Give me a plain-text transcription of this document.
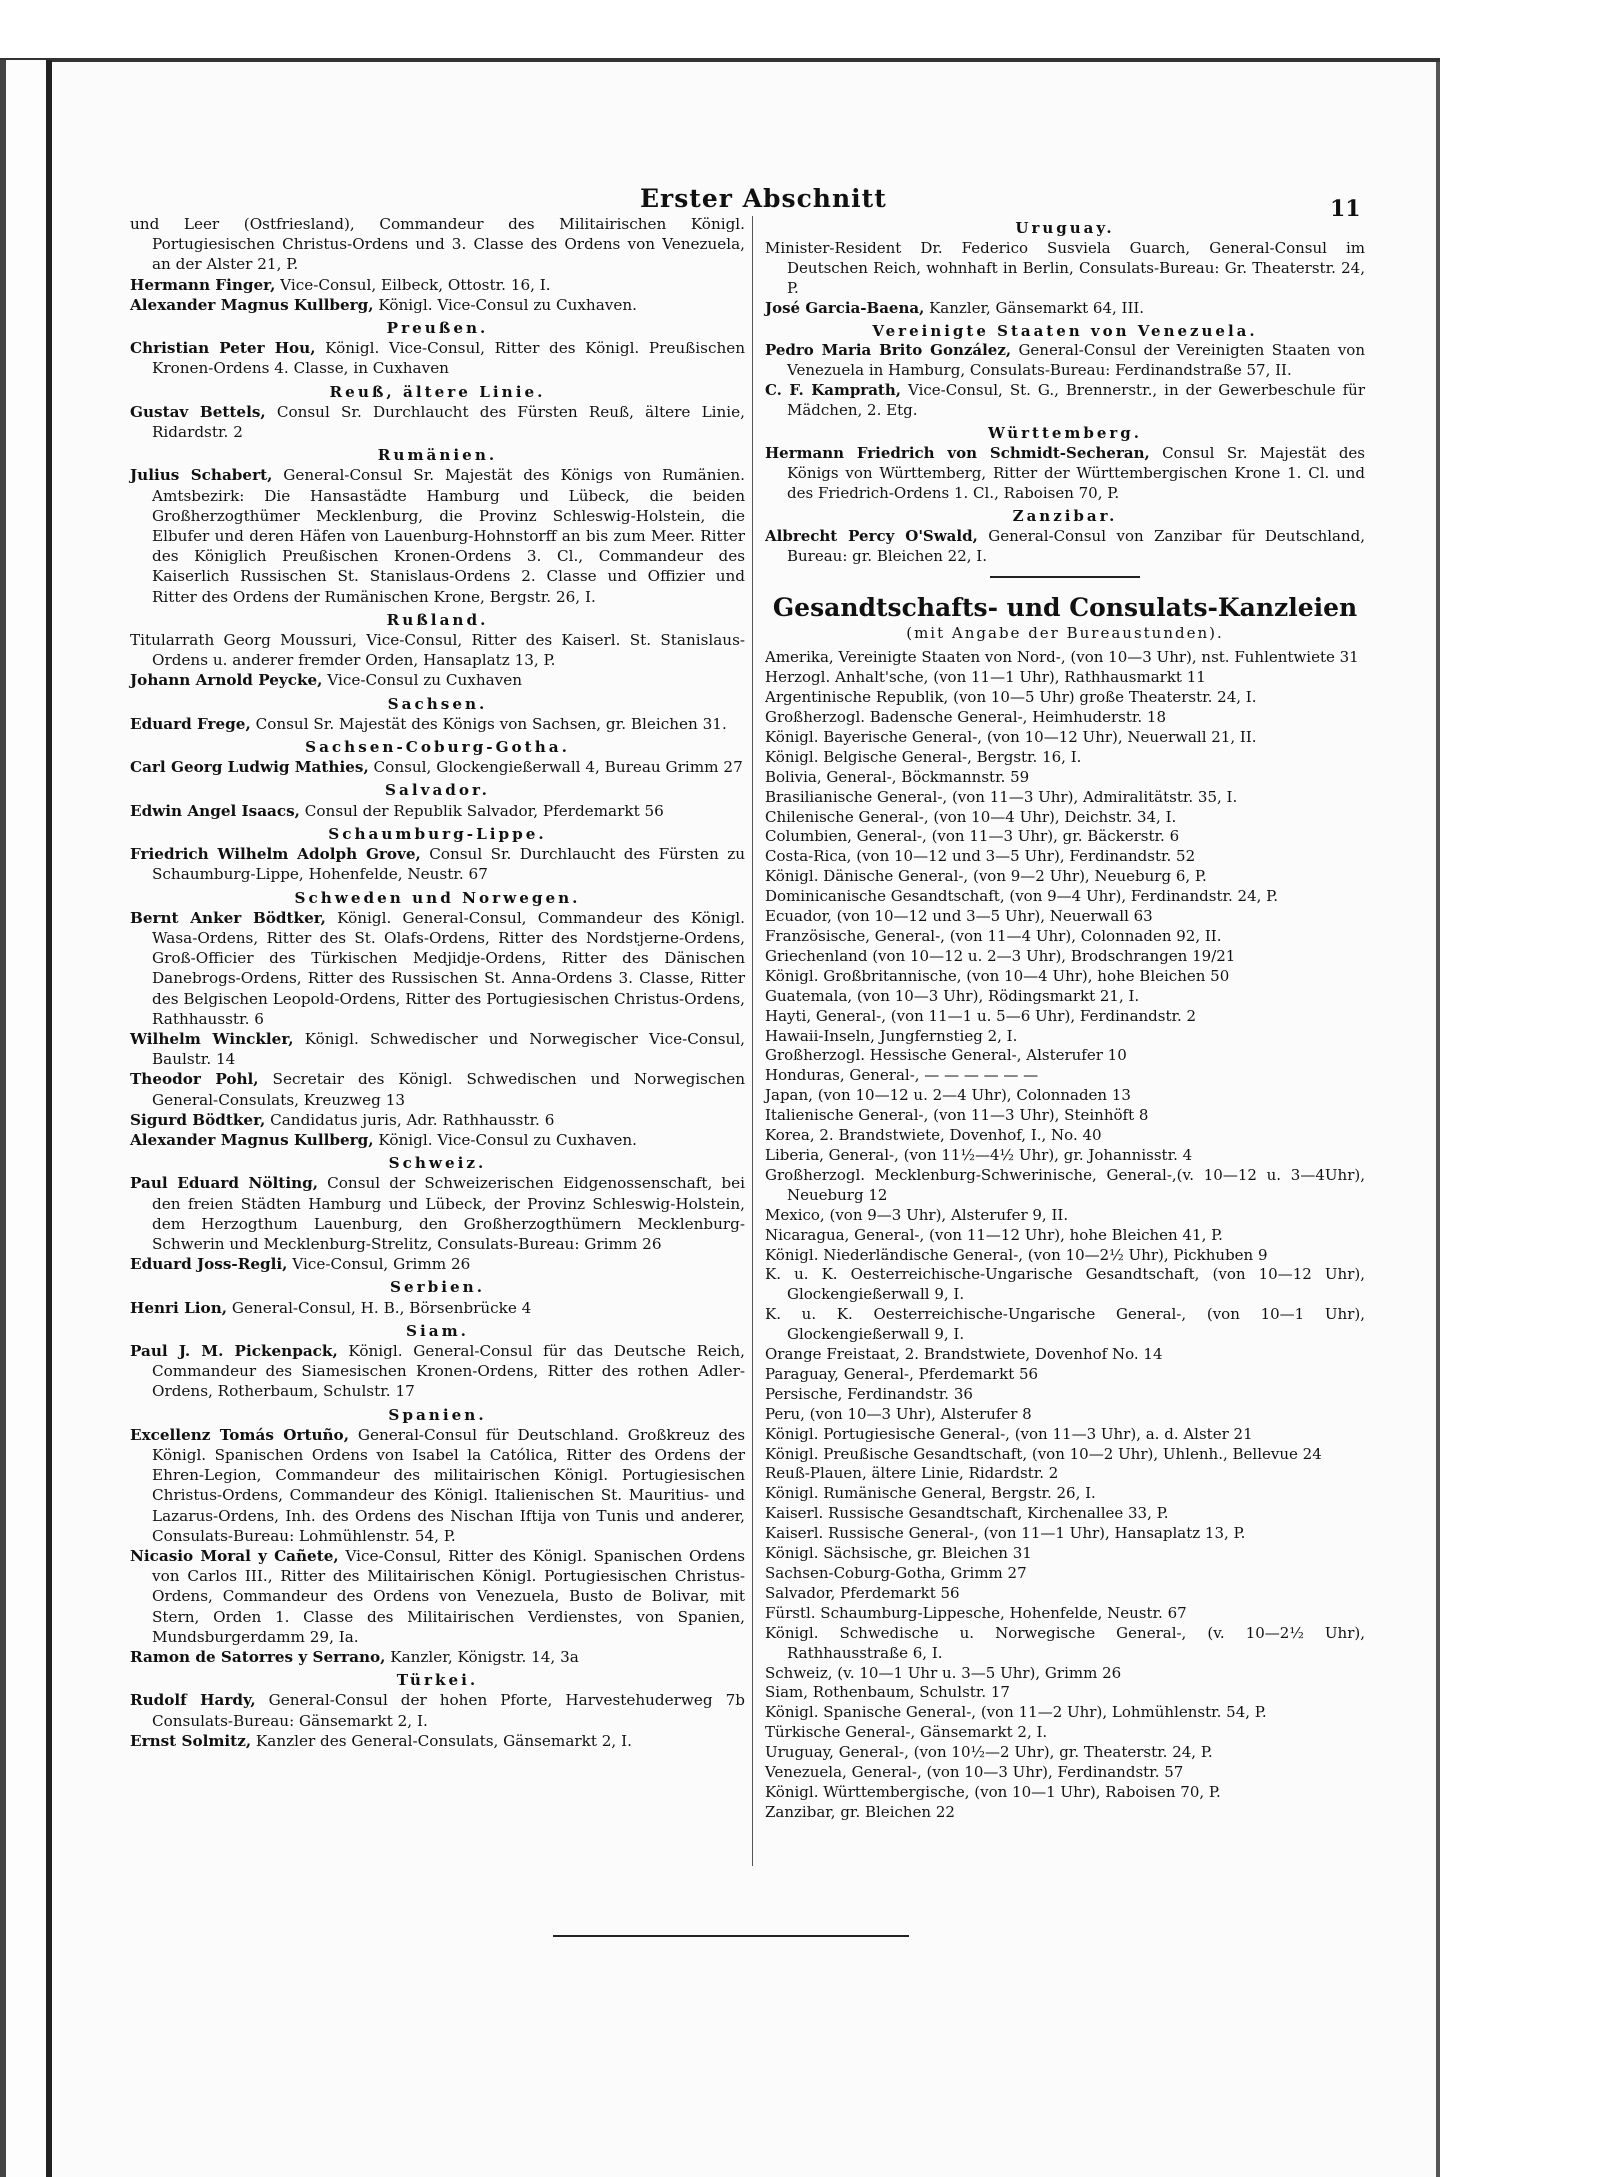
Erster Abschnitt	11
und Leer (Ostfriesland), Commandeur des Militairischen Königl. Portugiesischen Christus-Ordens und 3. Classe des Ordens von Venezuela, an der Alster 21, P.
Hermann Finger, Vice-Consul, Eilbeck, Ottostr. 16, I.
Alexander Magnus Kullberg, Königl. Vice-Consul zu Cuxhaven.
Preußen.
Christian Peter Hou, Königl. Vice-Consul, Ritter des Königl. Preußischen Kronen-Ordens 4. Classe, in Cuxhaven
Reuß, ältere Linie.
Gustav Bettels, Consul Sr. Durchlaucht des Fürsten Reuß, ältere Linie, Ridardstr. 2
Rumänien.
Julius Schabert, General-Consul Sr. Majestät des Königs von Rumänien. Amtsbezirk: Die Hansastädte Hamburg und Lübeck, die beiden Großherzogthümer Mecklenburg, die Provinz Schleswig-Holstein, die Elbufer und deren Häfen von Lauenburg-Hohnstorff an bis zum Meer. Ritter des Königlich Preußischen Kronen-Ordens 3. Cl., Commandeur des Kaiserlich Russischen St. Stanislaus-Ordens 2. Classe und Offizier und Ritter des Ordens der Rumänischen Krone, Bergstr. 26, I.
Rußland.
Titularrath Georg Moussuri, Vice-Consul, Ritter des Kaiserl. St. Stanislaus-Ordens u. anderer fremder Orden, Hansaplatz 13, P.
Johann Arnold Peycke, Vice-Consul zu Cuxhaven
Sachsen.
Eduard Frege, Consul Sr. Majestät des Königs von Sachsen, gr. Bleichen 31.
Sachsen-Coburg-Gotha.
Carl Georg Ludwig Mathies, Consul, Glockengießerwall 4, Bureau Grimm 27
Salvador.
Edwin Angel Isaacs, Consul der Republik Salvador, Pferdemarkt 56
Schaumburg-Lippe.
Friedrich Wilhelm Adolph Grove, Consul Sr. Durchlaucht des Fürsten zu Schaumburg-Lippe, Hohenfelde, Neustr. 67
Schweden und Norwegen.
Bernt Anker Bödtker, Königl. General-Consul, Commandeur des Königl. Wasa-Ordens, Ritter des St. Olafs-Ordens, Ritter des Nordstjerne-Ordens, Groß-Officier des Türkischen Medjidje-Ordens, Ritter des Dänischen Danebrogs-Ordens, Ritter des Russischen St. Anna-Ordens 3. Classe, Ritter des Belgischen Leopold-Ordens, Ritter des Portugiesischen Christus-Ordens, Rathhausstr. 6
Wilhelm Winckler, Königl. Schwedischer und Norwegischer Vice-Consul, Baulstr. 14
Theodor Pohl, Secretair des Königl. Schwedischen und Norwegischen General-Consulats, Kreuzweg 13
Sigurd Bödtker, Candidatus juris, Adr. Rathhausstr. 6
Alexander Magnus Kullberg, Königl. Vice-Consul zu Cuxhaven.
Schweiz.
Paul Eduard Nölting, Consul der Schweizerischen Eidgenossenschaft, bei den freien Städten Hamburg und Lübeck, der Provinz Schleswig-Holstein, dem Herzogthum Lauenburg, den Großherzogthümern Mecklenburg-Schwerin und Mecklenburg-Strelitz, Consulats-Bureau: Grimm 26
Eduard Joss-Regli, Vice-Consul, Grimm 26
Serbien.
Henri Lion, General-Consul, H. B., Börsenbrücke 4
Siam.
Paul J. M. Pickenpack, Königl. General-Consul für das Deutsche Reich, Commandeur des Siamesischen Kronen-Ordens, Ritter des rothen Adler-Ordens, Rotherbaum, Schulstr. 17
Spanien.
Excellenz Tomás Ortuño, General-Consul für Deutschland. Großkreuz des Königl. Spanischen Ordens von Isabel la Católica, Ritter des Ordens der Ehren-Legion, Commandeur des militairischen Königl. Portugiesischen Christus-Ordens, Commandeur des Königl. Italienischen St. Mauritius- und Lazarus-Ordens, Inh. des Ordens des Nischan Iftija von Tunis und anderer, Consulats-Bureau: Lohmühlenstr. 54, P.
Nicasio Moral y Cañete, Vice-Consul, Ritter des Königl. Spanischen Ordens von Carlos III., Ritter des Militairischen Königl. Portugiesischen Christus-Ordens, Commandeur des Ordens von Venezuela, Busto de Bolivar, mit Stern, Orden 1. Classe des Militairischen Verdienstes, von Spanien, Mundsburgerdamm 29, Ia.
Ramon de Satorres y Serrano, Kanzler, Königstr. 14, 3a
Türkei.
Rudolf Hardy, General-Consul der hohen Pforte, Harvestehuderweg 7b Consulats-Bureau: Gänsemarkt 2, I.
Ernst Solmitz, Kanzler des General-Consulats, Gänsemarkt 2, I.
Uruguay.
Minister-Resident Dr. Federico Susviela Guarch, General-Consul im Deutschen Reich, wohnhaft in Berlin, Consulats-Bureau: Gr. Theaterstr. 24, P.
José Garcia-Baena, Kanzler, Gänsemarkt 64, III.
Vereinigte Staaten von Venezuela.
Pedro Maria Brito González, General-Consul der Vereinigten Staaten von Venezuela in Hamburg, Consulats-Bureau: Ferdinandstraße 57, II.
C. F. Kamprath, Vice-Consul, St. G., Brennerstr., in der Gewerbeschule für Mädchen, 2. Etg.
Württemberg.
Hermann Friedrich von Schmidt-Secheran, Consul Sr. Majestät des Königs von Württemberg, Ritter der Württembergischen Krone 1. Cl. und des Friedrich-Ordens 1. Cl., Raboisen 70, P.
Zanzibar.
Albrecht Percy O'Swald, General-Consul von Zanzibar für Deutschland, Bureau: gr. Bleichen 22, I.
Gesandtschafts- und Consulats-Kanzleien
(mit Angabe der Bureaustunden).
Amerika, Vereinigte Staaten von Nord-, (von 10—3 Uhr), nst. Fuhlentwiete 31
Herzogl. Anhalt'sche, (von 11—1 Uhr), Rathhausmarkt 11
Argentinische Republik, (von 10—5 Uhr) große Theaterstr. 24, I.
Großherzogl. Badensche General-, Heimhuderstr. 18
Königl. Bayerische General-, (von 10—12 Uhr), Neuerwall 21, II.
Königl. Belgische General-, Bergstr. 16, I.
Bolivia, General-, Böckmannstr. 59
Brasilianische General-, (von 11—3 Uhr), Admiralitätstr. 35, I.
Chilenische General-, (von 10—4 Uhr), Deichstr. 34, I.
Columbien, General-, (von 11—3 Uhr), gr. Bäckerstr. 6
Costa-Rica, (von 10—12 und 3—5 Uhr), Ferdinandstr. 52
Königl. Dänische General-, (von 9—2 Uhr), Neueburg 6, P.
Dominicanische Gesandtschaft, (von 9—4 Uhr), Ferdinandstr. 24, P.
Ecuador, (von 10—12 und 3—5 Uhr), Neuerwall 63
Französische, General-, (von 11—4 Uhr), Colonnaden 92, II.
Griechenland (von 10—12 u. 2—3 Uhr), Brodschrangen 19/21
Königl. Großbritannische, (von 10—4 Uhr), hohe Bleichen 50
Guatemala, (von 10—3 Uhr), Rödingsmarkt 21, I.
Hayti, General-, (von 11—1 u. 5—6 Uhr), Ferdinandstr. 2
Hawaii-Inseln, Jungfernstieg 2, I.
Großherzogl. Hessische General-, Alsterufer 10
Honduras, General-, — — — — — —
Japan, (von 10—12 u. 2—4 Uhr), Colonnaden 13
Italienische General-, (von 11—3 Uhr), Steinhöft 8
Korea, 2. Brandstwiete, Dovenhof, I., No. 40
Liberia, General-, (von 11½—4½ Uhr), gr. Johannisstr. 4
Großherzogl. Mecklenburg-Schwerinische, General-,(v. 10—12 u. 3—4Uhr), Neueburg 12
Mexico, (von 9—3 Uhr), Alsterufer 9, II.
Nicaragua, General-, (von 11—12 Uhr), hohe Bleichen 41, P.
Königl. Niederländische General-, (von 10—2½ Uhr), Pickhuben 9
K. u. K. Oesterreichische-Ungarische Gesandtschaft, (von 10—12 Uhr), Glockengießerwall 9, I.
K. u. K. Oesterreichische-Ungarische General-, (von 10—1 Uhr), Glockengießerwall 9, I.
Orange Freistaat, 2. Brandstwiete, Dovenhof No. 14
Paraguay, General-, Pferdemarkt 56
Persische, Ferdinandstr. 36
Peru, (von 10—3 Uhr), Alsterufer 8
Königl. Portugiesische General-, (von 11—3 Uhr), a. d. Alster 21
Königl. Preußische Gesandtschaft, (von 10—2 Uhr), Uhlenh., Bellevue 24
Reuß-Plauen, ältere Linie, Ridardstr. 2
Königl. Rumänische General, Bergstr. 26, I.
Kaiserl. Russische Gesandtschaft, Kirchenallee 33, P.
Kaiserl. Russische General-, (von 11—1 Uhr), Hansaplatz 13, P.
Königl. Sächsische, gr. Bleichen 31
Sachsen-Coburg-Gotha, Grimm 27
Salvador, Pferdemarkt 56
Fürstl. Schaumburg-Lippesche, Hohenfelde, Neustr. 67
Königl. Schwedische u. Norwegische General-, (v. 10—2½ Uhr), Rathhausstraße 6, I.
Schweiz, (v. 10—1 Uhr u. 3—5 Uhr), Grimm 26
Siam, Rothenbaum, Schulstr. 17
Königl. Spanische General-, (von 11—2 Uhr), Lohmühlenstr. 54, P.
Türkische General-, Gänsemarkt 2, I.
Uruguay, General-, (von 10½—2 Uhr), gr. Theaterstr. 24, P.
Venezuela, General-, (von 10—3 Uhr), Ferdinandstr. 57
Königl. Württembergische, (von 10—1 Uhr), Raboisen 70, P.
Zanzibar, gr. Bleichen 22
